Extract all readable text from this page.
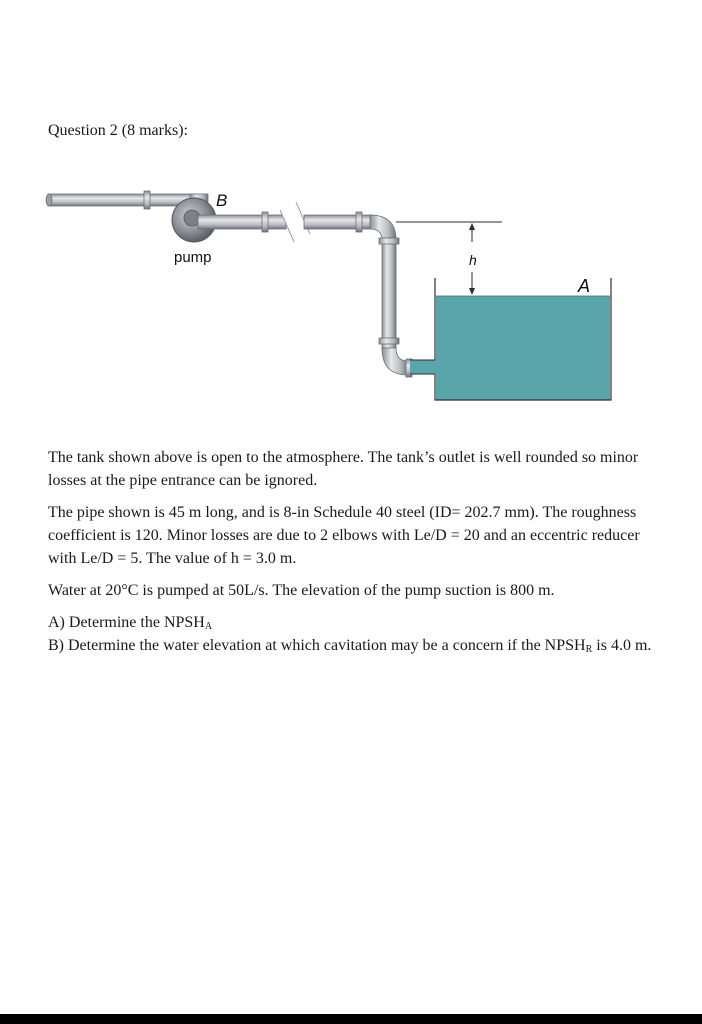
Question 2 (8 marks):
B
pump	h
A

The tank shown above is open to the atmosphere. The tank’s outlet is well rounded so minor losses at the pipe entrance can be ignored.

The pipe shown is 45 m long, and is 8-in Schedule 40 steel (ID= 202.7 mm). The roughness coefficient is 120. Minor losses are due to 2 elbows with Le/D = 20 and an eccentric reducer with Le/D = 5. The value of h = 3.0 m.

Water at 20°C is pumped at 50L/s. The elevation of the pump suction is 800 m.

A) Determine the $NPSH_A$
B) Determine the water elevation at which cavitation may be a concern if the $NPSH_R$ is 4.0 m.
